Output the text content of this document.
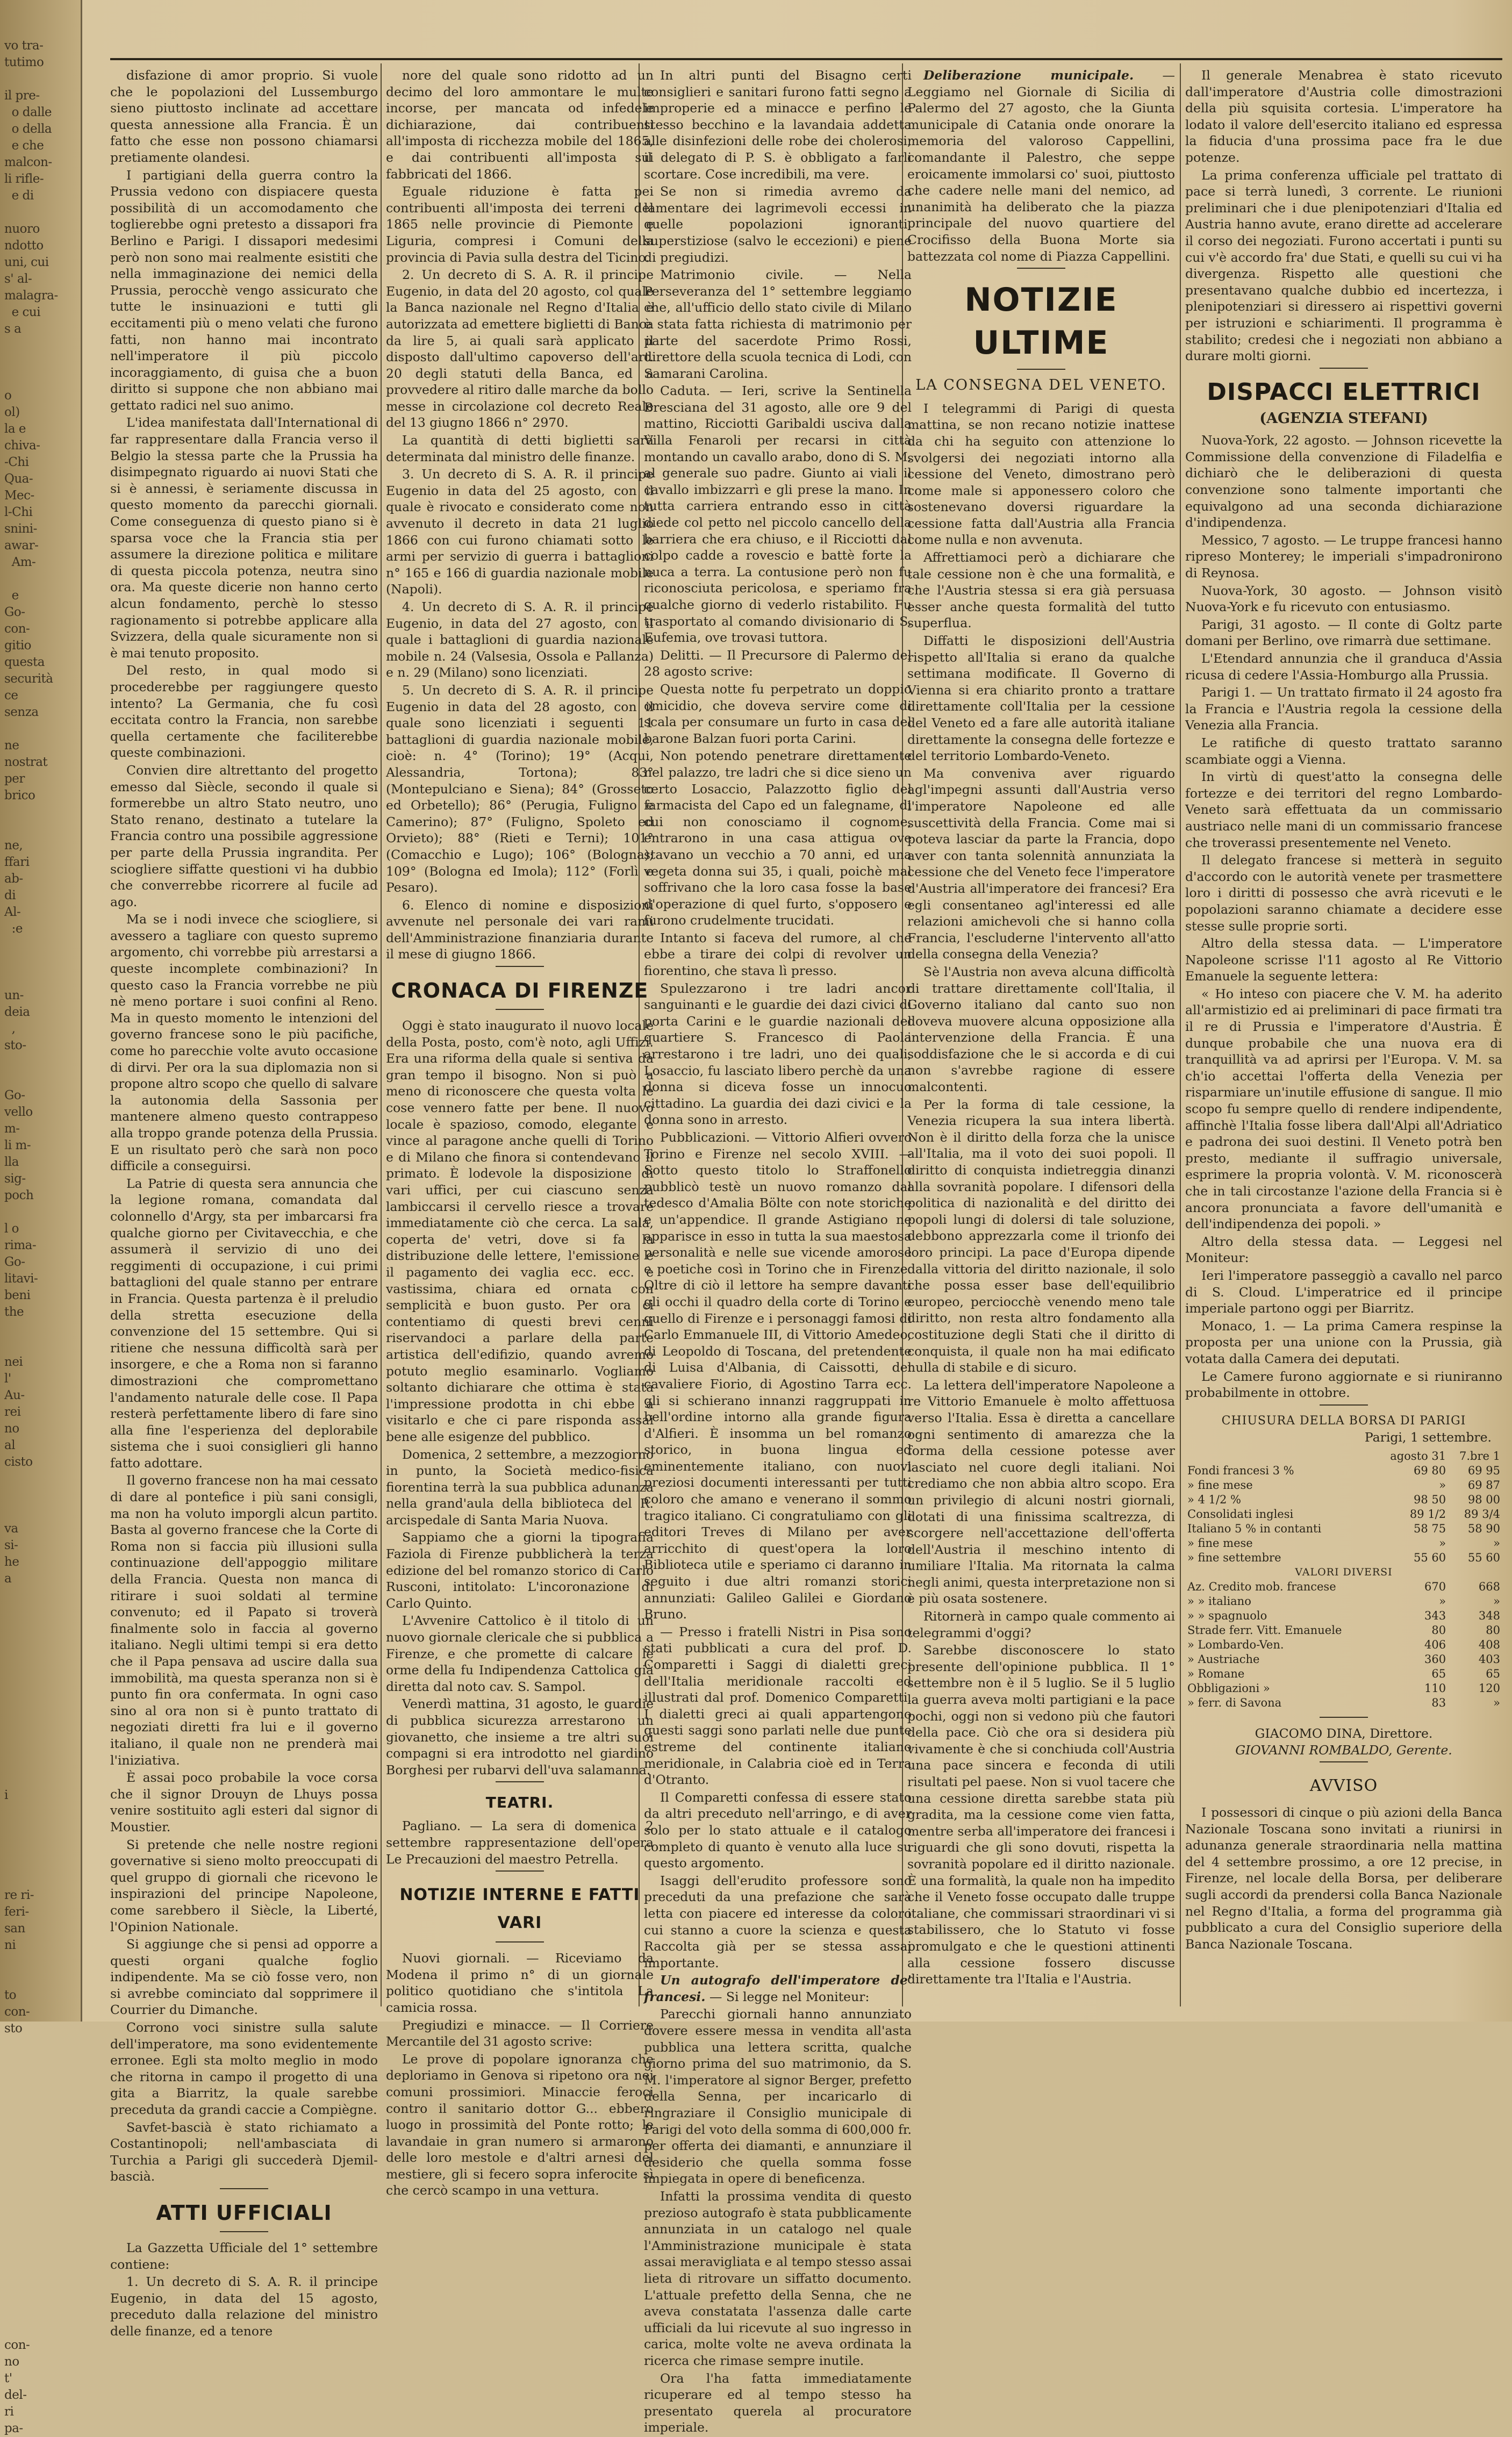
vo tra-
tutimo

il pre-
o dalle
o della
e che
malcon-
li rifle-
e di

nuoro
ndotto
uni, cui
s' al-
malagra-
e cui
s a

o
ol)
la e
chiva-
-Chi
Qua-
Mec-
l-Chi
snini-
awar-
Am-

e
Go-
con-
gitio
questa
securità
ce
senza

ne
nostrat
per
brico

ne,
ffari
ab-
di
Al-
:e

un-
deia
,
sto-

Go-
vello
m-
li m-
lla
sig-
poch

l o
rima-
Go-
litavi-
beni
the

nei
l'
Au-
rei
no
al
cisto

va
si-
he
a

i

re ri-
feri-
san
ni

to
con-
sto

con-
no
t'
del-
ri
pa-

disfazione di amor proprio. Si vuole che le popolazioni del Lussemburgo sieno piuttosto inclinate ad accettare questa annessione alla Francia. È un fatto che esse non possono chiamarsi pretiamente olandesi.

I partigiani della guerra contro la Prussia vedono con dispiacere questa possibilità di un accomodamento che toglierebbe ogni pretesto a dissapori fra Berlino e Parigi. I dissapori medesimi però non sono mai realmente esistiti che nella immaginazione dei nemici della Prussia, perocchè vengo assicurato che tutte le insinuazioni e tutti gli eccitamenti più o meno velati che furono fatti, non hanno mai incontrato nell'imperatore il più piccolo incoraggiamento, di guisa che a buon diritto si suppone che non abbiano mai gettato radici nel suo animo.

L'idea manifestata dall'International di far rappresentare dalla Francia verso il Belgio la stessa parte che la Prussia ha disimpegnato riguardo ai nuovi Stati che si è annessi, è seriamente discussa in questo momento da parecchi giornali. Come conseguenza di questo piano si è sparsa voce che la Francia stia per assumere la direzione politica e militare di questa piccola potenza, neutra sino ora. Ma queste dicerie non hanno certo alcun fondamento, perchè lo stesso ragionamento si potrebbe applicare alla Svizzera, della quale sicuramente non si è mai tenuto proposito.

Del resto, in qual modo si procederebbe per raggiungere questo intento? La Germania, che fu così eccitata contro la Francia, non sarebbe quella certamente che faciliterebbe queste combinazioni.

Convien dire altrettanto del progetto emesso dal Siècle, secondo il quale si formerebbe un altro Stato neutro, uno Stato renano, destinato a tutelare la Francia contro una possibile aggressione per parte della Prussia ingrandita. Per sciogliere siffatte questioni vi ha dubbio che converrebbe ricorrere al fucile ad ago.

Ma se i nodi invece che sciogliere, si avessero a tagliare con questo supremo argomento, chi vorrebbe più arrestarsi a queste incomplete combinazioni? In questo caso la Francia vorrebbe ne più nè meno portare i suoi confini al Reno. Ma in questo momento le intenzioni del governo francese sono le più pacifiche, come ho parecchie volte avuto occasione di dirvi. Per ora la sua diplomazia non si propone altro scopo che quello di salvare la autonomia della Sassonia per mantenere almeno questo contrappeso alla troppo grande potenza della Prussia. E un risultato però che sarà non poco difficile a conseguirsi.

La Patrie di questa sera annuncia che la legione romana, comandata dal colonnello d'Argy, sta per imbarcarsi fra qualche giorno per Civitavecchia, e che assumerà il servizio di uno dei reggimenti di occupazione, i cui primi battaglioni del quale stanno per entrare in Francia. Questa partenza è il preludio della stretta esecuzione della convenzione del 15 settembre. Qui si ritiene che nessuna difficoltà sarà per insorgere, e che a Roma non si faranno dimostrazioni che compromettano l'andamento naturale delle cose. Il Papa resterà perfettamente libero di fare sino alla fine l'esperienza del deplorabile sistema che i suoi consiglieri gli hanno fatto adottare.

Il governo francese non ha mai cessato di dare al pontefice i più sani consigli, ma non ha voluto imporgli alcun partito. Basta al governo francese che la Corte di Roma non si faccia più illusioni sulla continuazione dell'appoggio militare della Francia. Questa non manca di ritirare i suoi soldati al termine convenuto; ed il Papato si troverà finalmente solo in faccia al governo italiano. Negli ultimi tempi si era detto che il Papa pensava ad uscire dalla sua immobilità, ma questa speranza non si è punto fin ora confermata. In ogni caso sino al ora non si è punto trattato di negoziati diretti fra lui e il governo italiano, il quale non ne prenderà mai l'iniziativa.

È assai poco probabile la voce corsa che il signor Drouyn de Lhuys possa venire sostituito agli esteri dal signor di Moustier.

Si pretende che nelle nostre regioni governative si sieno molto preoccupati di quel gruppo di giornali che ricevono le inspirazioni del principe Napoleone, come sarebbero il Siècle, la Liberté, l'Opinion Nationale.

Si aggiunge che si pensi ad opporre a questi organi qualche foglio indipendente. Ma se ciò fosse vero, non si avrebbe cominciato dal sopprimere il Courrier du Dimanche.

Corrono voci sinistre sulla salute dell'imperatore, ma sono evidentemente erronee. Egli sta molto meglio in modo che ritorna in campo il progetto di una gita a Biarritz, la quale sarebbe preceduta da grandi caccie a Compiègne.

Savfet-bascià è stato richiamato a Costantinopoli; nell'ambasciata di Turchia a Parigi gli succederà Djemil-bascià.

ATTI UFFICIALI

La Gazzetta Ufficiale del 1° settembre contiene:

1. Un decreto di S. A. R. il principe Eugenio, in data del 15 agosto, preceduto dalla relazione del ministro delle finanze, ed a tenore

nore del quale sono ridotto ad un decimo del loro ammontare le multe incorse, per mancata od infedele dichiarazione, dai contribuenti all'imposta di ricchezza mobile del 1865, e dai contribuenti all'imposta sui fabbricati del 1866.

Eguale riduzione è fatta pei contribuenti all'imposta dei terreni del 1865 nelle provincie di Piemonte e Liguria, compresi i Comuni della provincia di Pavia sulla destra del Ticino.

2. Un decreto di S. A. R. il principe Eugenio, in data del 20 agosto, col quale la Banca nazionale nel Regno d'Italia è autorizzata ad emettere biglietti di Banca da lire 5, ai quali sarà applicato il disposto dall'ultimo capoverso dell'art. 20 degli statuti della Banca, ed a provvedere al ritiro dalle marche da bollo messe in circolazione col decreto Reale del 13 giugno 1866 n° 2970.

La quantità di detti biglietti sarà determinata dal ministro delle finanze.

3. Un decreto di S. A. R. il principe Eugenio in data del 25 agosto, con il quale è rivocato e considerato come non avvenuto il decreto in data 21 luglio 1866 con cui furono chiamati sotto le armi per servizio di guerra i battaglioni n° 165 e 166 di guardia nazionale mobile (Napoli).

4. Un decreto di S. A. R. il principe Eugenio, in data del 27 agosto, con il quale i battaglioni di guardia nazionale mobile n. 24 (Valsesia, Ossola e Pallanza) e n. 29 (Milano) sono licenziati.

5. Un decreto di S. A. R. il principe Eugenio in data del 28 agosto, con il quale sono licenziati i seguenti 11 battaglioni di guardia nazionale mobile, cioè: n. 4° (Torino); 19° (Acqui, Alessandria, Tortona); 83° (Montepulciano e Siena); 84° (Grosseto ed Orbetello); 86° (Perugia, Fuligno e Camerino); 87° (Fuligno, Spoleto ed Orvieto); 88° (Rieti e Terni); 101° (Comacchio e Lugo); 106° (Bologna); 109° (Bologna ed Imola); 112° (Forlì e Pesaro).

6. Elenco di nomine e disposizioni avvenute nel personale dei vari rami dell'Amministrazione finanziaria durante il mese di giugno 1866.

CRONACA DI FIRENZE

Oggi è stato inaugurato il nuovo locale della Posta, posto, com'è noto, agli Uffizi. Era una riforma della quale si sentiva da gran tempo il bisogno. Non si può a meno di riconoscere che questa volta le cose vennero fatte per bene. Il nuovo locale è spazioso, comodo, elegante e vince al paragone anche quelli di Torino e di Milano che finora si contendevano il primato. È lodevole la disposizione di vari uffici, per cui ciascuno senza lambiccarsi il cervello riesce a trovare immediatamente ciò che cerca. La sala, coperta de' vetri, dove si fa la distribuzione delle lettere, l'emissione e il pagamento dei vaglia ecc. ecc. è vastissima, chiara ed ornata con semplicità e buon gusto. Per ora ci contentiamo di questi brevi cenni riservandoci a parlare della parte artistica dell'edifizio, quando avremo potuto meglio esaminarlo. Vogliamo soltanto dichiarare che ottima è stata l'impressione prodotta in chi ebbe a visitarlo e che ci pare risponda assai bene alle esigenze del pubblico.

Domenica, 2 settembre, a mezzogiorno in punto, la Società medico-fisica fiorentina terrà la sua pubblica adunanza nella grand'aula della biblioteca del R. arcispedale di Santa Maria Nuova.

Sappiamo che a giorni la tipografia Faziola di Firenze pubblicherà la terza edizione del bel romanzo storico di Carlo Rusconi, intitolato: L'incoronazione di Carlo Quinto.

L'Avvenire Cattolico è il titolo di un nuovo giornale clericale che si pubblica a Firenze, e che promette di calcare le orme della fu Indipendenza Cattolica già diretta dal noto cav. S. Sampol.

Venerdì mattina, 31 agosto, le guardie di pubblica sicurezza arrestarono un giovanetto, che insieme a tre altri suoi compagni si era introdotto nel giardino Borghesi per rubarvi dell'uva salamanna.

TEATRI.

Pagliano. — La sera di domenica 2 settembre rappresentazione dell'opera Le Precauzioni del maestro Petrella.

NOTIZIE INTERNE E FATTI VARI

Nuovi giornali. — Riceviamo da Modena il primo n° di un giornale politico quotidiano che s'intitola La camicia rossa.

Pregiudizi e minacce. — Il Corriere Mercantile del 31 agosto scrive:

Le prove di popolare ignoranza che deploriamo in Genova si ripetono ora nei comuni prossimiori. Minaccie feroci contro il sanitario dottor G... ebbero luogo in prossimità del Ponte rotto; le lavandaie in gran numero si armarono delle loro mestole e d'altri arnesi del mestiere, gli si fecero sopra inferocite sì che cercò scampo in una vettura.

In altri punti del Bisagno certi consiglieri e sanitari furono fatti segno a improperie ed a minacce e perfino le stesso becchino e la lavandaia addetta alle disinfezioni delle robe dei cholerosi; il delegato di P. S. è obbligato a farli scortare. Cose incredibili, ma vere.

Se non si rimedia avremo da lamentare dei lagrimevoli eccessi in quelle popolazioni ignoranti, superstiziose (salvo le eccezioni) e piene di pregiudizi.

Matrimonio civile. — Nella Perseveranza del 1° settembre leggiamo che, all'ufficio dello stato civile di Milano è stata fatta richiesta di matrimonio per parte del sacerdote Primo Rossi, direttore della scuola tecnica di Lodi, con Samarani Carolina.

Caduta. — Ieri, scrive la Sentinella Bresciana del 31 agosto, alle ore 9 del mattino, Ricciotti Garibaldi usciva dalla Villa Fenaroli per recarsi in città montando un cavallo arabo, dono di S. M. al generale suo padre. Giunto ai viali il cavallo imbizzarrì e gli prese la mano. In tutta carriera entrando esso in città diede col petto nel piccolo cancello della barriera che era chiuso, e il Ricciotti dal colpo cadde a rovescio e battè forte la nuca a terra. La contusione però non fu riconosciuta pericolosa, e speriamo fra qualche giorno di vederlo ristabilito. Fu trasportato al comando divisionario di S. Eufemia, ove trovasi tuttora.

Delitti. — Il Precursore di Palermo del 28 agosto scrive:

Questa notte fu perpetrato un doppio omicidio, che doveva servire come di scala per consumare un furto in casa del barone Balzan fuori porta Carini.

Non potendo penetrare direttamente nel palazzo, tre ladri che si dice sieno un certo Losaccio, Palazzotto figlio del farmacista del Capo ed un falegname, di cui non conosciamo il cognome, entrarono in una casa attigua ove stavano un vecchio a 70 anni, ed una vegeta donna sui 35, i quali, poichè mal soffrivano che la loro casa fosse la base d'operazione di quel furto, s'opposero e furono crudelmente trucidati.

Intanto si faceva del rumore, al che ebbe a tirare dei colpi di revolver un fiorentino, che stava lì presso.

Spulezzarono i tre ladri ancor sanguinanti e le guardie dei dazi civici di porta Carini e le guardie nazionali del quartiere S. Francesco di Paola arrestarono i tre ladri, uno dei quali, Losaccio, fu lasciato libero perchè da una donna si diceva fosse un innocuo cittadino. La guardia dei dazi civici e la donna sono in arresto.

Pubblicazioni. — Vittorio Alfieri ovvero Torino e Firenze nel secolo XVIII. — Sotto questo titolo lo Straffonello pubblicò testè un nuovo romanzo dal tedesco d'Amalia Bölte con note storiche e un'appendice. Il grande Astigiano ne apparisce in esso in tutta la sua maestosa personalità e nelle sue vicende amorose e poetiche così in Torino che in Firenze. Oltre di ciò il lettore ha sempre davanti gli occhi il quadro della corte di Torino e quello di Firenze e i personaggi famosi di Carlo Emmanuele III, di Vittorio Amedeo, di Leopoldo di Toscana, del pretendente di Luisa d'Albania, di Caissotti, del cavaliere Fiorio, di Agostino Tarra ecc. gli si schierano innanzi raggruppati in bell'ordine intorno alla grande figura d'Alfieri. È insomma un bel romanzo storico, in buona lingua ed eminentemente italiano, con nuovi preziosi documenti interessanti per tutti coloro che amano e venerano il sommo tragico italiano. Ci congratuliamo con gli editori Treves di Milano per aver arricchito di quest'opera la loro Biblioteca utile e speriamo ci daranno in seguito i due altri romanzi storici annunziati: Galileo Galilei e Giordano Bruno.

— Presso i fratelli Nistri in Pisa sono stati pubblicati a cura del prof. D. Comparetti i Saggi di dialetti greci dell'Italia meridionale raccolti ed illustrati dal prof. Domenico Comparetti. I dialetti greci ai quali appartengono questi saggi sono parlati nelle due punte estreme del continente italiano meridionale, in Calabria cioè ed in Terra d'Otranto.

Il Comparetti confessa di essere stato da altri preceduto nell'arringo, e di aver solo per lo stato attuale e il catalogo completo di quanto è venuto alla luce su questo argomento.

Isaggi dell'erudito professore sono preceduti da una prefazione che sarà letta con piacere ed interesse da coloro cui stanno a cuore la scienza e questa Raccolta già per se stessa assai importante.

Un autografo dell'imperatore de' francesi. — Si legge nel Moniteur:

Parecchi giornali hanno annunziato dovere essere messa in vendita all'asta pubblica una lettera scritta, qualche giorno prima del suo matrimonio, da S. M. l'imperatore al signor Berger, prefetto della Senna, per incaricarlo di ringraziare il Consiglio municipale di Parigi del voto della somma di 600,000 fr. per offerta dei diamanti, e annunziare il desiderio che quella somma fosse impiegata in opere di beneficenza.

Infatti la prossima vendita di questo prezioso autografo è stata pubblicamente annunziata in un catalogo nel quale l'Amministrazione municipale è stata assai meravigliata e al tempo stesso assai lieta di ritrovare un siffatto documento. L'attuale prefetto della Senna, che ne aveva constatata l'assenza dalle carte ufficiali da lui ricevute al suo ingresso in carica, molte volte ne aveva ordinata la ricerca che rimase sempre inutile.

Ora l'ha fatta immediatamente ricuperare ed al tempo stesso ha presentato querela al procuratore imperiale.

Deliberazione municipale. — Leggiamo nel Giornale di Sicilia di Palermo del 27 agosto, che la Giunta municipale di Catania onde onorare la memoria del valoroso Cappellini, comandante il Palestro, che seppe eroicamente immolarsi co' suoi, piuttosto che cadere nelle mani del nemico, ad unanimità ha deliberato che la piazza principale del nuovo quartiere del Crocifisso della Buona Morte sia battezzata col nome di Piazza Cappellini.

NOTIZIE ULTIME
LA CONSEGNA DEL VENETO.

I telegrammi di Parigi di questa mattina, se non recano notizie inattese da chi ha seguito con attenzione lo svolgersi dei negoziati intorno alla cessione del Veneto, dimostrano però come male si apponessero coloro che sostenevano doversi riguardare la cessione fatta dall'Austria alla Francia come nulla e non avvenuta.

Affrettiamoci però a dichiarare che tale cessione non è che una formalità, e che l'Austria stessa si era già persuasa esser anche questa formalità del tutto superflua.

Diffatti le disposizioni dell'Austria rispetto all'Italia si erano da qualche settimana modificate. Il Governo di Vienna si era chiarito pronto a trattare direttamente coll'Italia per la cessione del Veneto ed a fare alle autorità italiane direttamente la consegna delle fortezze e del territorio Lombardo-Veneto.

Ma conveniva aver riguardo agl'impegni assunti dall'Austria verso l'imperatore Napoleone ed alle suscettività della Francia. Come mai si poteva lasciar da parte la Francia, dopo aver con tanta solennità annunziata la cessione che del Veneto fece l'imperatore d'Austria all'imperatore dei francesi? Era egli consentaneo agl'interessi ed alle relazioni amichevoli che si hanno colla Francia, l'escluderne l'intervento all'atto della consegna della Venezia?

Sè l'Austria non aveva alcuna difficoltà di trattare direttamente coll'Italia, il Governo italiano dal canto suo non doveva muovere alcuna opposizione alla intervenzione della Francia. È una soddisfazione che le si accorda e di cui non s'avrebbe ragione di essere malcontenti.

Per la forma di tale cessione, la Venezia ricupera la sua intera libertà. Non è il diritto della forza che la unisce all'Italia, ma il voto dei suoi popoli. Il diritto di conquista indietreggia dinanzi alla sovranità popolare. I difensori della politica di nazionalità e del diritto dei popoli lungi di dolersi di tale soluzione, debbono apprezzarla come il trionfo dei loro principi. La pace d'Europa dipende dalla vittoria del diritto nazionale, il solo che possa esser base dell'equilibrio europeo, perciocchè venendo meno tale diritto, non resta altro fondamento alla costituzione degli Stati che il diritto di conquista, il quale non ha mai edificato nulla di stabile e di sicuro.

La lettera dell'imperatore Napoleone a re Vittorio Emanuele è molto affettuosa verso l'Italia. Essa è diretta a cancellare ogni sentimento di amarezza che la forma della cessione potesse aver lasciato nel cuore degli italiani. Noi crediamo che non abbia altro scopo. Era un privilegio di alcuni nostri giornali, dotati di una finissima scaltrezza, di scorgere nell'accettazione dell'offerta dell'Austria il meschino intento di umiliare l'Italia. Ma ritornata la calma negli animi, questa interpretazione non si è più osata sostenere.

Ritornerà in campo quale commento ai telegrammi d'oggi?

Sarebbe disconoscere lo stato presente dell'opinione pubblica. Il 1° settembre non è il 5 luglio. Se il 5 luglio la guerra aveva molti partigiani e la pace pochi, oggi non si vedono più che fautori della pace. Ciò che ora si desidera più vivamente è che si conchiuda coll'Austria una pace sincera e feconda di utili risultati pel paese. Non si vuol tacere che una cessione diretta sarebbe stata più gradita, ma la cessione come vien fatta, mentre serba all'imperatore dei francesi i riguardi che gli sono dovuti, rispetta la sovranità popolare ed il diritto nazionale. È una formalità, la quale non ha impedito che il Veneto fosse occupato dalle truppe italiane, che commissari straordinari vi si stabilissero, che lo Statuto vi fosse promulgato e che le questioni attinenti alla cessione fossero discusse direttamente tra l'Italia e l'Austria.

Il generale Menabrea è stato ricevuto dall'imperatore d'Austria colle dimostrazioni della più squisita cortesia. L'imperatore ha lodato il valore dell'esercito italiano ed espressa la fiducia d'una prossima pace fra le due potenze.

La prima conferenza ufficiale pel trattato di pace si terrà lunedì, 3 corrente. Le riunioni preliminari che i due plenipotenziari d'Italia ed Austria hanno avute, erano dirette ad accelerare il corso dei negoziati. Furono accertati i punti su cui v'è accordo fra' due Stati, e quelli su cui vi ha divergenza. Rispetto alle questioni che presentavano qualche dubbio ed incertezza, i plenipotenziari si diressero ai rispettivi governi per istruzioni e schiarimenti. Il programma è stabilito; credesi che i negoziati non abbiano a durare molti giorni.

DISPACCI ELETTRICI
(AGENZIA STEFANI)

Nuova-York, 22 agosto. — Johnson ricevette la Commissione della convenzione di Filadelfia e dichiarò che le deliberazioni di questa convenzione sono talmente importanti che equivalgono ad una seconda dichiarazione d'indipendenza.

Messico, 7 agosto. — Le truppe francesi hanno ripreso Monterey; le imperiali s'impadronirono di Reynosa.

Nuova-York, 30 agosto. — Johnson visitò Nuova-York e fu ricevuto con entusiasmo.

Parigi, 31 agosto. — Il conte di Goltz parte domani per Berlino, ove rimarrà due settimane.

L'Etendard annunzia che il granduca d'Assia ricusa di cedere l'Assia-Homburgo alla Prussia.

Parigi 1. — Un trattato firmato il 24 agosto fra la Francia e l'Austria regola la cessione della Venezia alla Francia.

Le ratifiche di questo trattato saranno scambiate oggi a Vienna.

In virtù di quest'atto la consegna delle fortezze e dei territori del regno Lombardo-Veneto sarà effettuata da un commissario austriaco nelle mani di un commissario francese che troverassi presentemente nel Veneto.

Il delegato francese si metterà in seguito d'accordo con le autorità venete per trasmettere loro i diritti di possesso che avrà ricevuti e le popolazioni saranno chiamate a decidere esse stesse sulle proprie sorti.

Altro della stessa data. — L'imperatore Napoleone scrisse l'11 agosto al Re Vittorio Emanuele la seguente lettera:

« Ho inteso con piacere che V. M. ha aderito all'armistizio ed ai preliminari di pace firmati tra il re di Prussia e l'imperatore d'Austria. È dunque probabile che una nuova era di tranquillità va ad aprirsi per l'Europa. V. M. sa ch'io accettai l'offerta della Venezia per risparmiare un'inutile effusione di sangue. Il mio scopo fu sempre quello di rendere indipendente, affinchè l'Italia fosse libera dall'Alpi all'Adriatico e padrona dei suoi destini. Il Veneto potrà ben presto, mediante il suffragio universale, esprimere la propria volontà. V. M. riconoscerà che in tali circostanze l'azione della Francia si è ancora pronunciata a favore dell'umanità e dell'indipendenza dei popoli. »

Altro della stessa data. — Leggesi nel Moniteur:

Ieri l'imperatore passeggiò a cavallo nel parco di S. Cloud. L'imperatrice ed il principe imperiale partono oggi per Biarritz.

Monaco, 1. — La prima Camera respinse la proposta per una unione con la Prussia, già votata dalla Camera dei deputati.

Le Camere furono aggiornate e si riuniranno probabilmente in ottobre.

CHIUSURA DELLA BORSA DI PARIGI
Parigi, 1 settembre.
	agosto 31	7.bre 1
Fondi francesi 3 %	69 80	69 95
» fine mese	»	69 87
» 4 1/2 %	98 50	98 00
Consolidati inglesi	89 1/2	89 3/4
Italiano 5 % in contanti	58 75	58 90
» fine mese	»	»
» fine settembre	55 60	55 60
VALORI DIVERSI		
Az. Credito mob. francese	670	668
» » italiano	»	»
» » spagnuolo	343	348
Strade ferr. Vitt. Emanuele	80	80
» Lombardo-Ven.	406	408
» Austriache	360	403
» Romane	65	65
Obbligazioni »	110	120
» ferr. di Savona	83	»
GIACOMO DINA, Direttore.
GIOVANNI ROMBALDO, Gerente.
AVVISO

I possessori di cinque o più azioni della Banca Nazionale Toscana sono invitati a riunirsi in adunanza generale straordinaria nella mattina del 4 settembre prossimo, a ore 12 precise, in Firenze, nel locale della Borsa, per deliberare sugli accordi da prendersi colla Banca Nazionale nel Regno d'Italia, a forma del programma già pubblicato a cura del Consiglio superiore della Banca Nazionale Toscana.
